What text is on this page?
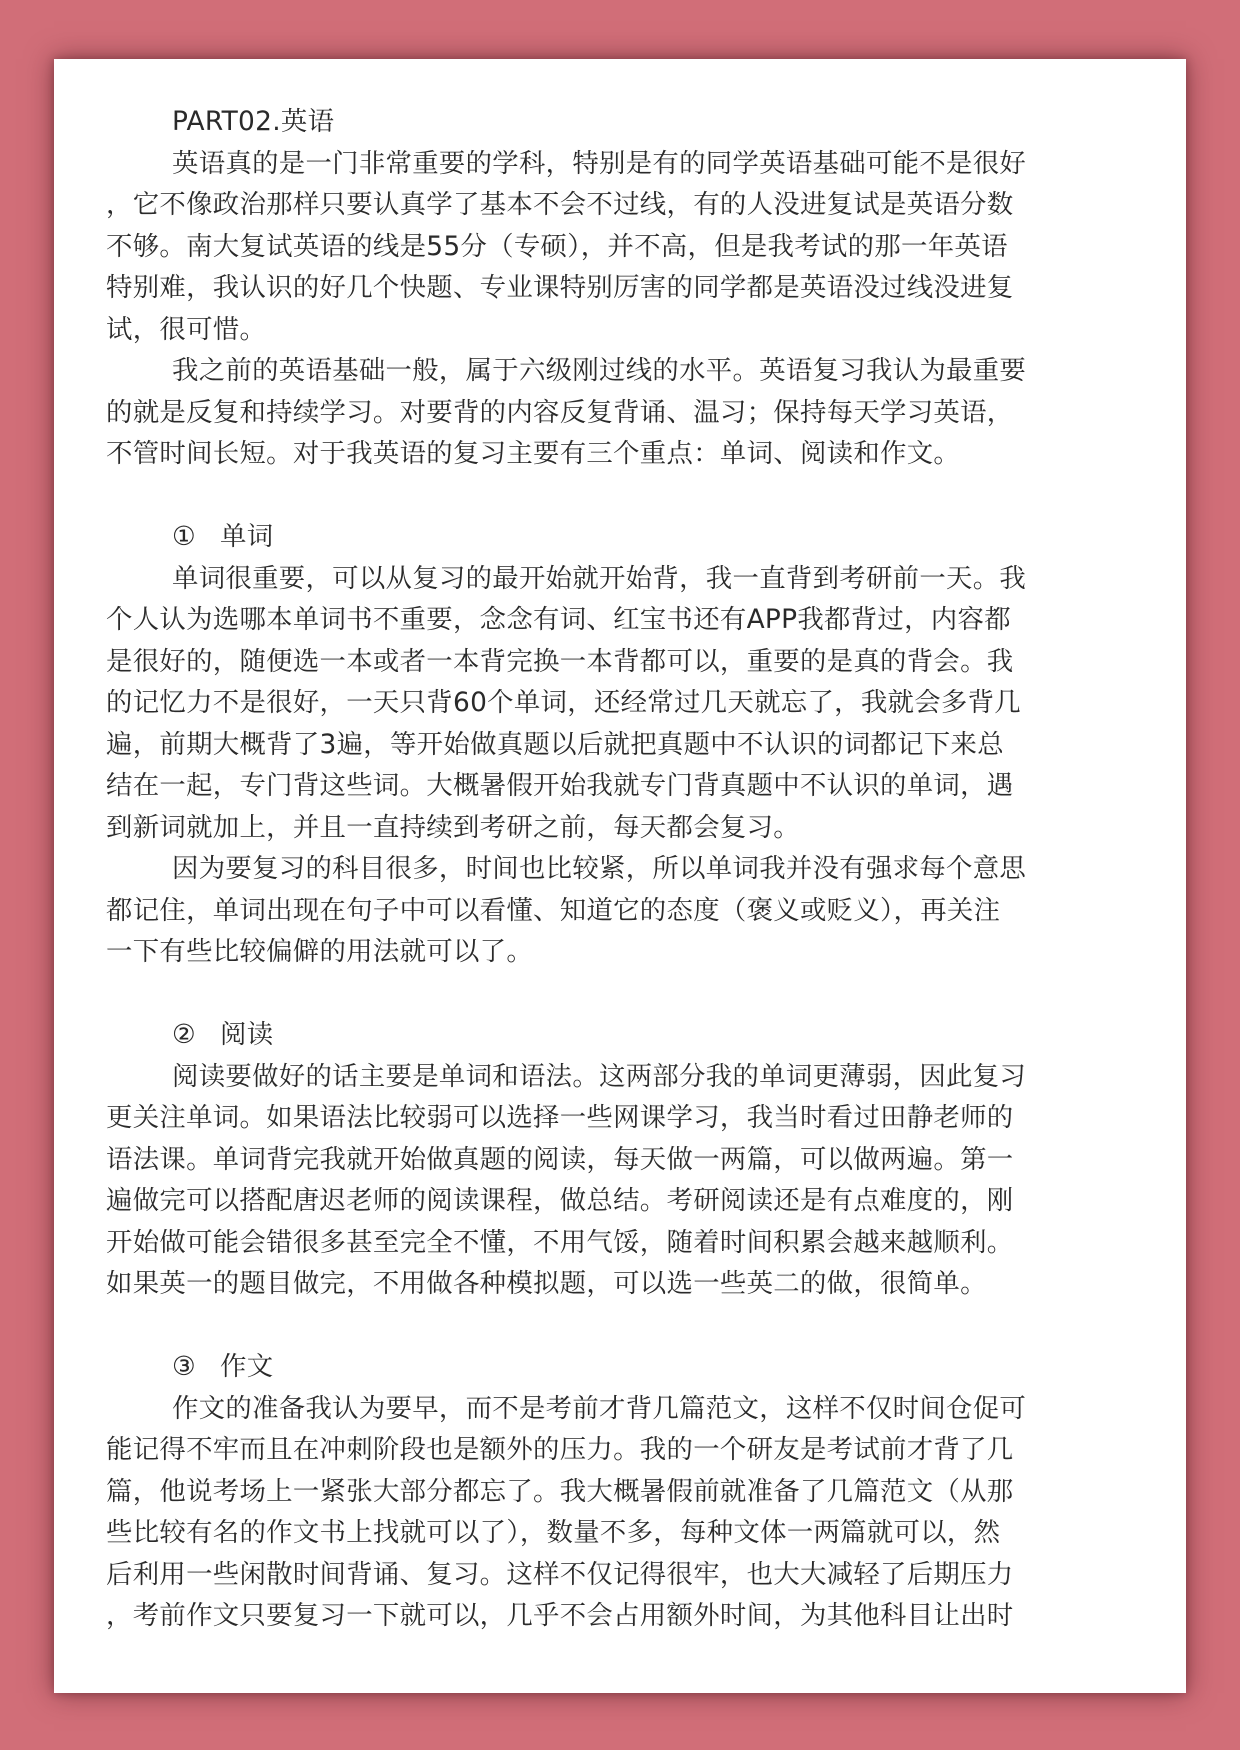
PART02.英语

英语真的是一门非常重要的学科，特别是有的同学英语基础可能不是很好
，它不像政治那样只要认真学了基本不会不过线，有的人没进复试是英语分数
不够。南大复试英语的线是55分（专硕），并不高，但是我考试的那一年英语
特别难，我认识的好几个快题、专业课特别厉害的同学都是英语没过线没进复
试，很可惜。

我之前的英语基础一般，属于六级刚过线的水平。英语复习我认为最重要
的就是反复和持续学习。对要背的内容反复背诵、温习；保持每天学习英语，
不管时间长短。对于我英语的复习主要有三个重点：单词、阅读和作文。

① 单词

单词很重要，可以从复习的最开始就开始背，我一直背到考研前一天。我
个人认为选哪本单词书不重要，念念有词、红宝书还有APP我都背过，内容都
是很好的，随便选一本或者一本背完换一本背都可以，重要的是真的背会。我
的记忆力不是很好，一天只背60个单词，还经常过几天就忘了，我就会多背几
遍，前期大概背了3遍，等开始做真题以后就把真题中不认识的词都记下来总
结在一起，专门背这些词。大概暑假开始我就专门背真题中不认识的单词，遇
到新词就加上，并且一直持续到考研之前，每天都会复习。

因为要复习的科目很多，时间也比较紧，所以单词我并没有强求每个意思
都记住，单词出现在句子中可以看懂、知道它的态度（褒义或贬义），再关注
一下有些比较偏僻的用法就可以了。

② 阅读

阅读要做好的话主要是单词和语法。这两部分我的单词更薄弱，因此复习
更关注单词。如果语法比较弱可以选择一些网课学习，我当时看过田静老师的
语法课。单词背完我就开始做真题的阅读，每天做一两篇，可以做两遍。第一
遍做完可以搭配唐迟老师的阅读课程，做总结。考研阅读还是有点难度的，刚
开始做可能会错很多甚至完全不懂，不用气馁，随着时间积累会越来越顺利。
如果英一的题目做完，不用做各种模拟题，可以选一些英二的做，很简单。

③ 作文

作文的准备我认为要早，而不是考前才背几篇范文，这样不仅时间仓促可
能记得不牢而且在冲刺阶段也是额外的压力。我的一个研友是考试前才背了几
篇，他说考场上一紧张大部分都忘了。我大概暑假前就准备了几篇范文（从那
些比较有名的作文书上找就可以了），数量不多，每种文体一两篇就可以，然
后利用一些闲散时间背诵、复习。这样不仅记得很牢，也大大减轻了后期压力
，考前作文只要复习一下就可以，几乎不会占用额外时间，为其他科目让出时
